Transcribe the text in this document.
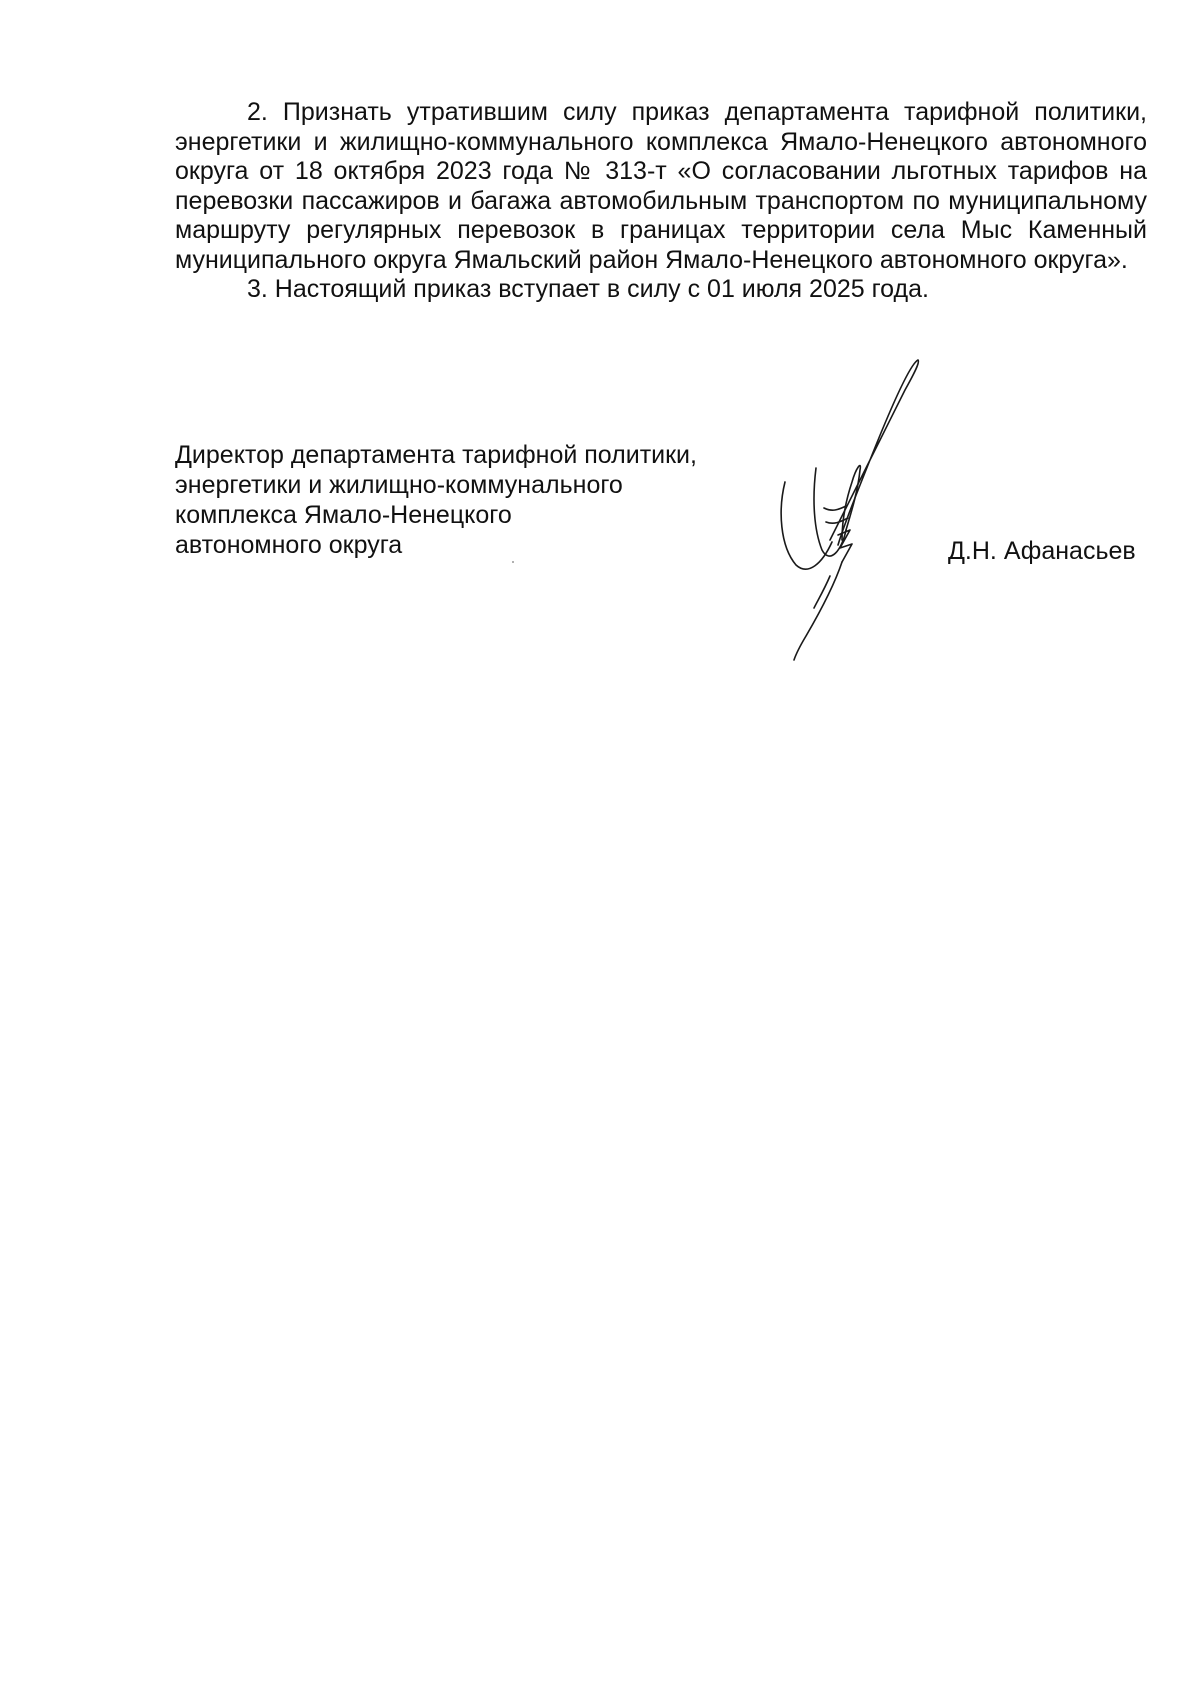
2. Признать утратившим силу приказ департамента тарифной политики, энергетики и жилищно-коммунального комплекса Ямало-Ненецкого автономного округа от 18 октября 2023 года № 313-т «О согласовании льготных тарифов на перевозки пассажиров и багажа автомобильным транспортом по муниципальному маршруту регулярных перевозок в границах территории села Мыс Каменный муниципального округа Ямальский район Ямало-Ненецкого автономного округа».

3. Настоящий приказ вступает в силу с 01 июля 2025 года.

Директор департамента тарифной политики,
энергетики и жилищно-коммунального
комплекса Ямало-Ненецкого
автономного округа	Д.Н. Афанасьев
